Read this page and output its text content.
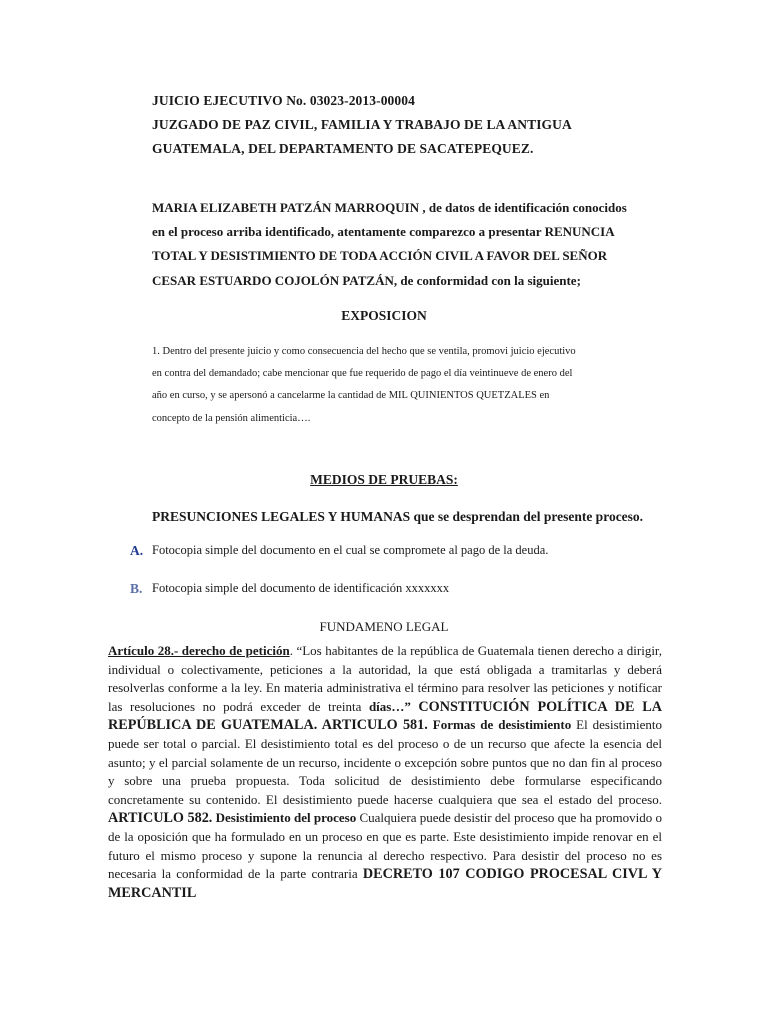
JUICIO EJECUTIVO No. 03023-2013-00004
JUZGADO DE PAZ CIVIL, FAMILIA Y TRABAJO DE LA ANTIGUA
GUATEMALA, DEL DEPARTAMENTO DE SACATEPEQUEZ.
MARIA ELIZABETH PATZÁN MARROQUIN , de datos de identificación conocidos
en el proceso arriba identificado, atentamente comparezco a presentar RENUNCIA
TOTAL Y DESISTIMIENTO DE TODA ACCIÓN CIVIL A FAVOR DEL SEÑOR
CESAR ESTUARDO COJOLÓN PATZÁN, de conformidad con la siguiente;
EXPOSICION
1. Dentro del presente juicio y como consecuencia del hecho que se ventila, promovi juicio ejecutivo
en contra del demandado; cabe mencionar que fue requerido de pago el día veintinueve de enero del
año en curso, y se apersonó a cancelarme la cantidad de MIL QUINIENTOS QUETZALES en
concepto de la pensión alimenticia….
MEDIOS DE PRUEBAS:
PRESUNCIONES LEGALES Y HUMANAS que se desprendan del presente proceso.
A. Fotocopia simple del documento en el cual se compromete al pago de la deuda.
B. Fotocopia simple del documento de identificación xxxxxxx
FUNDAMENO LEGAL
Artículo 28.- derecho de petición. “Los habitantes de la república de Guatemala tienen derecho a dirigir, individual o colectivamente, peticiones a la autoridad, la que está obligada a tramitarlas y deberá resolverlas conforme a la ley. En materia administrativa el término para resolver las peticiones y notificar las resoluciones no podrá exceder de treinta días…” CONSTITUCIÓN POLÍTICA DE LA REPÚBLICA DE GUATEMALA. ARTICULO 581. Formas de desistimiento El desistimiento puede ser total o parcial. El desistimiento total es del proceso o de un recurso que afecte la esencia del asunto; y el parcial solamente de un recurso, incidente o excepción sobre puntos que no dan fin al proceso y sobre una prueba propuesta. Toda solicitud de desistimiento debe formularse especificando concretamente su contenido. El desistimiento puede hacerse cualquiera que sea el estado del proceso. ARTICULO 582. Desistimiento del proceso Cualquiera puede desistir del proceso que ha promovido o de la oposición que ha formulado en un proceso en que es parte. Este desistimiento impide renovar en el futuro el mismo proceso y supone la renuncia al derecho respectivo. Para desistir del proceso no es necesaria la conformidad de la parte contraria DECRETO 107 CODIGO PROCESAL CIVL Y MERCANTIL
